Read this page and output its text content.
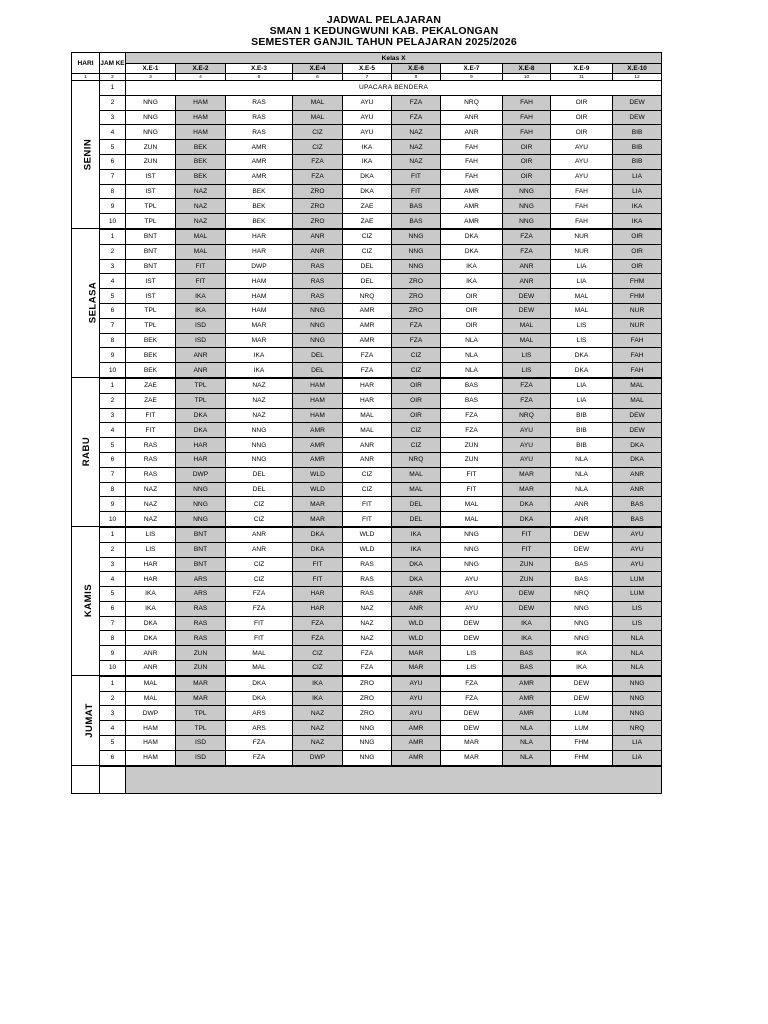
JADWAL PELAJARAN
SMAN 1 KEDUNGWUNI KAB. PEKALONGAN
SEMESTER GANJIL TAHUN PELAJARAN 2025/2026
HARI	JAM KE	Kelas X									
		X.E-1	X.E-2	X.E-3	X.E-4	X.E-5	X.E-6	X.E-7	X.E-8	X.E-9	X.E-10
1	2	3	4	5	6	7	8	9	10	11	12
SENIN	1	UPACARA BENDERA									
	2	NNG	HAM	RAS	MAL	AYU	FZA	NRQ	FAH	OIR	DEW
	3	NNG	HAM	RAS	MAL	AYU	FZA	ANR	FAH	OIR	DEW
	4	NNG	HAM	RAS	CIZ	AYU	NAZ	ANR	FAH	OIR	BIB
	5	ZUN	BEK	AMR	CIZ	IKA	NAZ	FAH	OIR	AYU	BIB
	6	ZUN	BEK	AMR	FZA	IKA	NAZ	FAH	OIR	AYU	BIB
	7	IST	BEK	AMR	FZA	DKA	FIT	FAH	OIR	AYU	LIA
	8	IST	NAZ	BEK	ZRO	DKA	FIT	AMR	NNG	FAH	LIA
	9	TPL	NAZ	BEK	ZRO	ZAE	BAS	AMR	NNG	FAH	IKA
	10	TPL	NAZ	BEK	ZRO	ZAE	BAS	AMR	NNG	FAH	IKA
SELASA	1	BNT	MAL	HAR	ANR	CIZ	NNG	DKA	FZA	NUR	OIR
	2	BNT	MAL	HAR	ANR	CIZ	NNG	DKA	FZA	NUR	OIR
	3	BNT	FIT	DWP	RAS	DEL	NNG	IKA	ANR	LIA	OIR
	4	IST	FIT	HAM	RAS	DEL	ZRO	IKA	ANR	LIA	FHM
	5	IST	IKA	HAM	RAS	NRQ	ZRO	OIR	DEW	MAL	FHM
	6	TPL	IKA	HAM	NNG	AMR	ZRO	OIR	DEW	MAL	NUR
	7	TPL	ISD	MAR	NNG	AMR	FZA	OIR	MAL	LIS	NUR
	8	BEK	ISD	MAR	NNG	AMR	FZA	NLA	MAL	LIS	FAH
	9	BEK	ANR	IKA	DEL	FZA	CIZ	NLA	LIS	DKA	FAH
	10	BEK	ANR	IKA	DEL	FZA	CIZ	NLA	LIS	DKA	FAH
RABU	1	ZAE	TPL	NAZ	HAM	HAR	OIR	BAS	FZA	LIA	MAL
	2	ZAE	TPL	NAZ	HAM	HAR	OIR	BAS	FZA	LIA	MAL
	3	FIT	DKA	NAZ	HAM	MAL	OIR	FZA	NRQ	BIB	DEW
	4	FIT	DKA	NNG	AMR	MAL	CIZ	FZA	AYU	BIB	DEW
	5	RAS	HAR	NNG	AMR	ANR	CIZ	ZUN	AYU	BIB	DKA
	6	RAS	HAR	NNG	AMR	ANR	NRQ	ZUN	AYU	NLA	DKA
	7	RAS	DWP	DEL	WLD	CIZ	MAL	FIT	MAR	NLA	ANR
	8	NAZ	NNG	DEL	WLD	CIZ	MAL	FIT	MAR	NLA	ANR
	9	NAZ	NNG	CIZ	MAR	FIT	DEL	MAL	DKA	ANR	BAS
	10	NAZ	NNG	CIZ	MAR	FIT	DEL	MAL	DKA	ANR	BAS
KAMIS	1	LIS	BNT	ANR	DKA	WLD	IKA	NNG	FIT	DEW	AYU
	2	LIS	BNT	ANR	DKA	WLD	IKA	NNG	FIT	DEW	AYU
	3	HAR	BNT	CIZ	FIT	RAS	DKA	NNG	ZUN	BAS	AYU
	4	HAR	ARS	CIZ	FIT	RAS	DKA	AYU	ZUN	BAS	LUM
	5	IKA	ARS	FZA	HAR	RAS	ANR	AYU	DEW	NRQ	LUM
	6	IKA	RAS	FZA	HAR	NAZ	ANR	AYU	DEW	NNG	LIS
	7	DKA	RAS	FIT	FZA	NAZ	WLD	DEW	IKA	NNG	LIS
	8	DKA	RAS	FIT	FZA	NAZ	WLD	DEW	IKA	NNG	NLA
	9	ANR	ZUN	MAL	CIZ	FZA	MAR	LIS	BAS	IKA	NLA
	10	ANR	ZUN	MAL	CIZ	FZA	MAR	LIS	BAS	IKA	NLA
JUMAT	1	MAL	MAR	DKA	IKA	ZRO	AYU	FZA	AMR	DEW	NNG
	2	MAL	MAR	DKA	IKA	ZRO	AYU	FZA	AMR	DEW	NNG
	3	DWP	TPL	ARS	NAZ	ZRO	AYU	DEW	AMR	LUM	NNG
	4	HAM	TPL	ARS	NAZ	NNG	AMR	DEW	NLA	LUM	NRQ
	5	HAM	ISD	FZA	NAZ	NNG	AMR	MAR	NLA	FHM	LIA
	6	HAM	ISD	FZA	DWP	NNG	AMR	MAR	NLA	FHM	LIA
